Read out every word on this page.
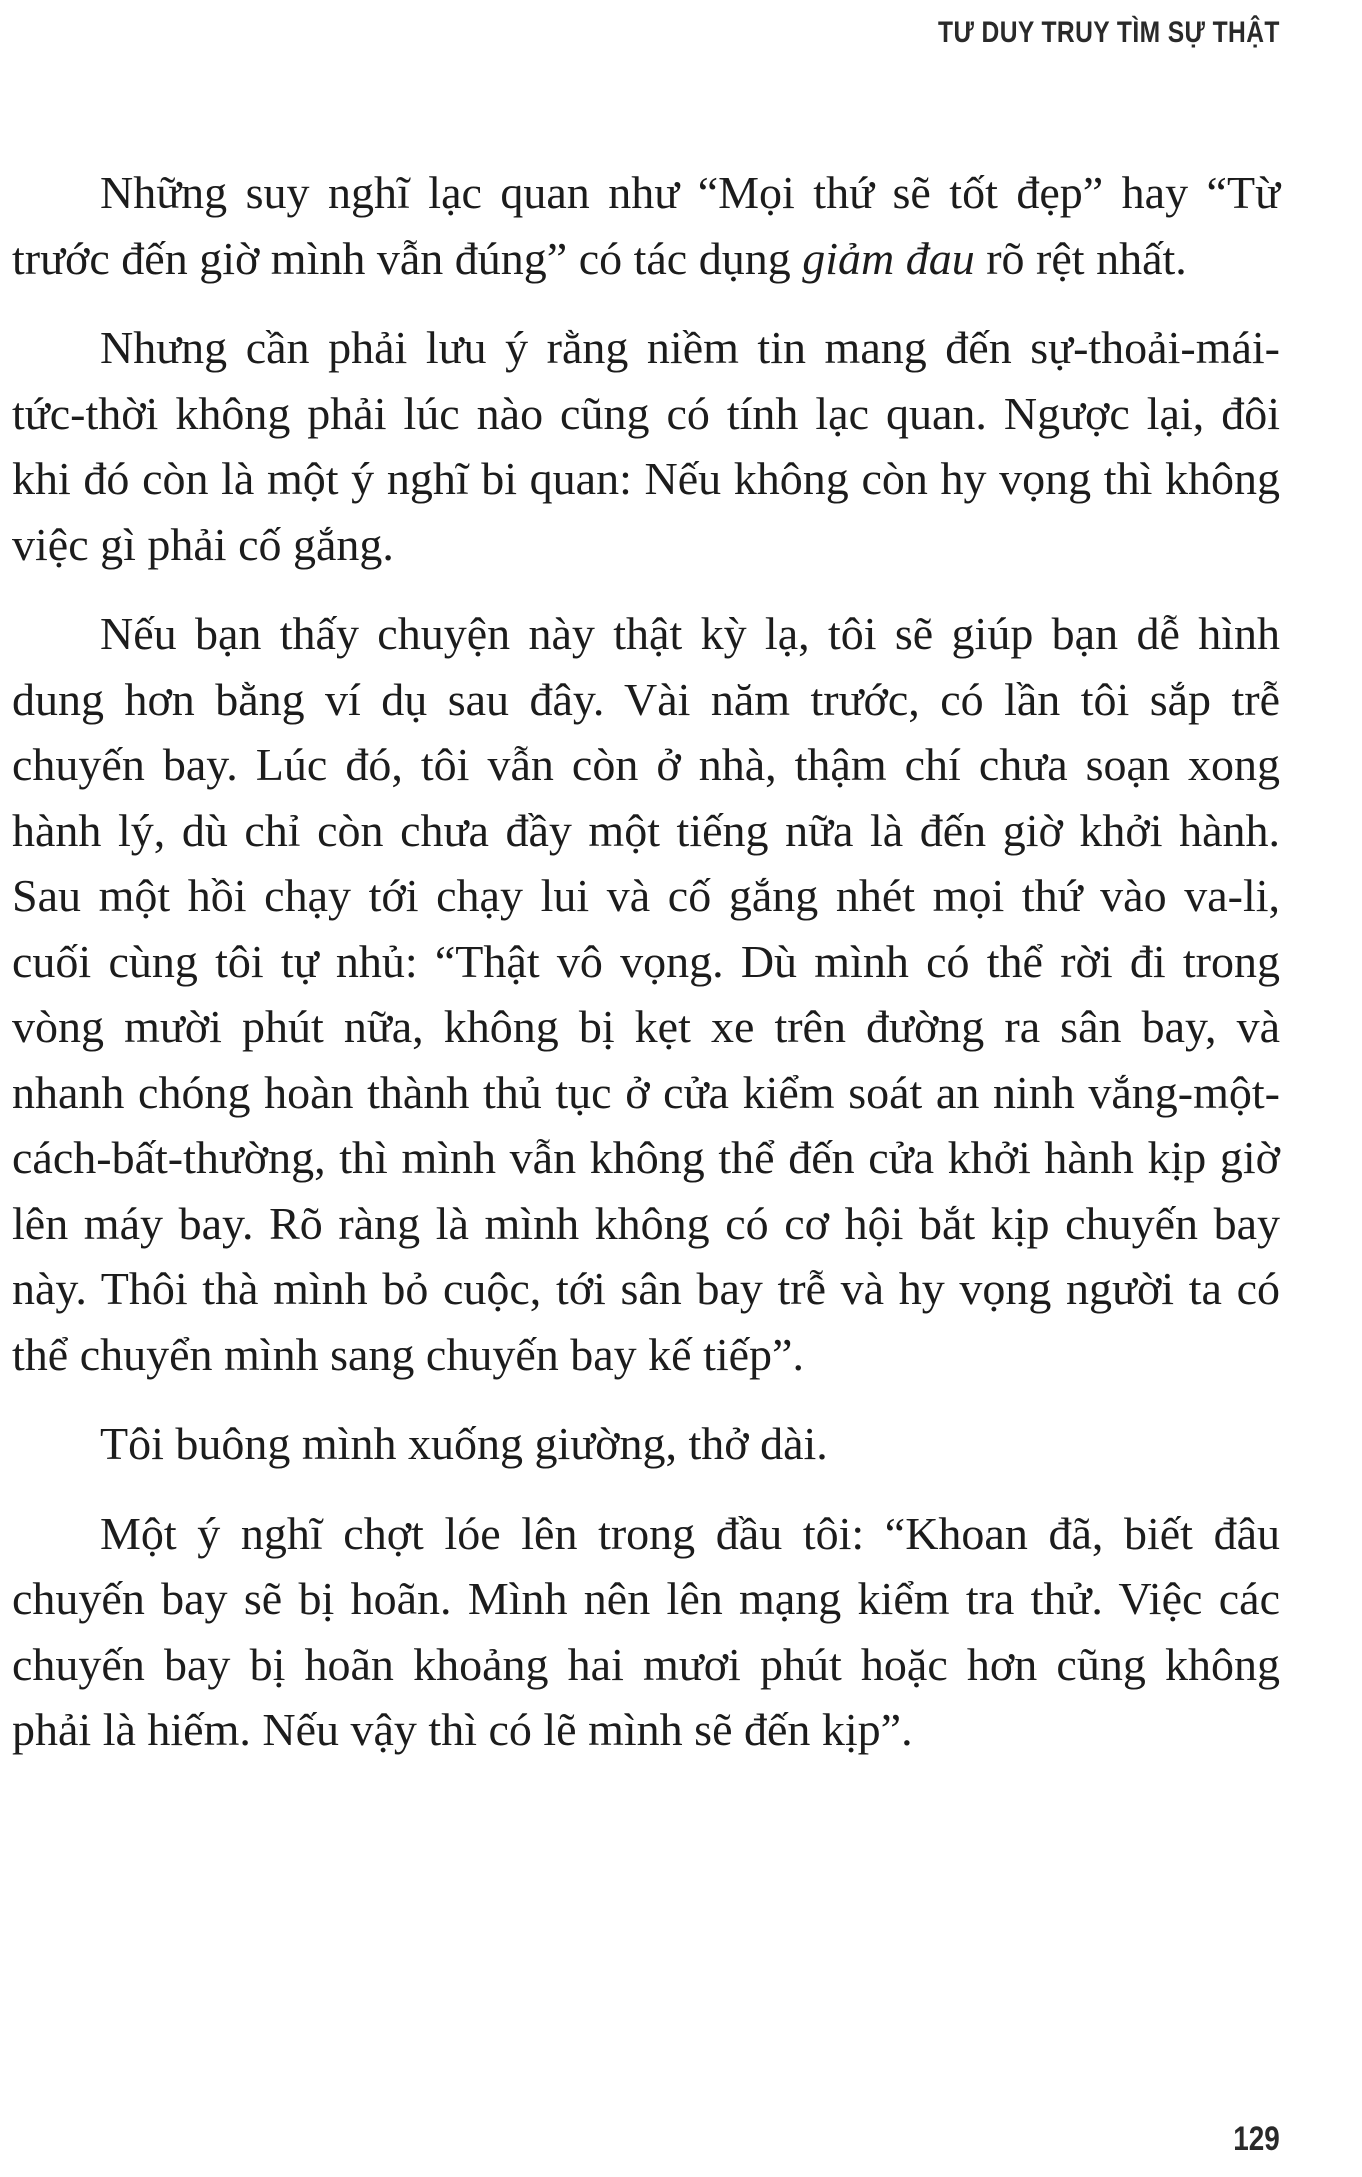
TƯ DUY TRUY TÌM SỰ THẬT

Những suy nghĩ lạc quan như “Mọi thứ sẽ tốt đẹp” hay “Từ trước đến giờ mình vẫn đúng” có tác dụng giảm đau rõ rệt nhất.

Nhưng cần phải lưu ý rằng niềm tin mang đến sự-thoải-mái-tức-thời không phải lúc nào cũng có tính lạc quan. Ngược lại, đôi khi đó còn là một ý nghĩ bi quan: Nếu không còn hy vọng thì không việc gì phải cố gắng.

Nếu bạn thấy chuyện này thật kỳ lạ, tôi sẽ giúp bạn dễ hình dung hơn bằng ví dụ sau đây. Vài năm trước, có lần tôi sắp trễ chuyến bay. Lúc đó, tôi vẫn còn ở nhà, thậm chí chưa soạn xong hành lý, dù chỉ còn chưa đầy một tiếng nữa là đến giờ khởi hành. Sau một hồi chạy tới chạy lui và cố gắng nhét mọi thứ vào va-li, cuối cùng tôi tự nhủ: “Thật vô vọng. Dù mình có thể rời đi trong vòng mười phút nữa, không bị kẹt xe trên đường ra sân bay, và nhanh chóng hoàn thành thủ tục ở cửa kiểm soát an ninh vắng-một-cách-bất-thường, thì mình vẫn không thể đến cửa khởi hành kịp giờ lên máy bay. Rõ ràng là mình không có cơ hội bắt kịp chuyến bay này. Thôi thà mình bỏ cuộc, tới sân bay trễ và hy vọng người ta có thể chuyển mình sang chuyến bay kế tiếp”.

Tôi buông mình xuống giường, thở dài.

Một ý nghĩ chợt lóe lên trong đầu tôi: “Khoan đã, biết đâu chuyến bay sẽ bị hoãn. Mình nên lên mạng kiểm tra thử. Việc các chuyến bay bị hoãn khoảng hai mươi phút hoặc hơn cũng không phải là hiếm. Nếu vậy thì có lẽ mình sẽ đến kịp”.

129
